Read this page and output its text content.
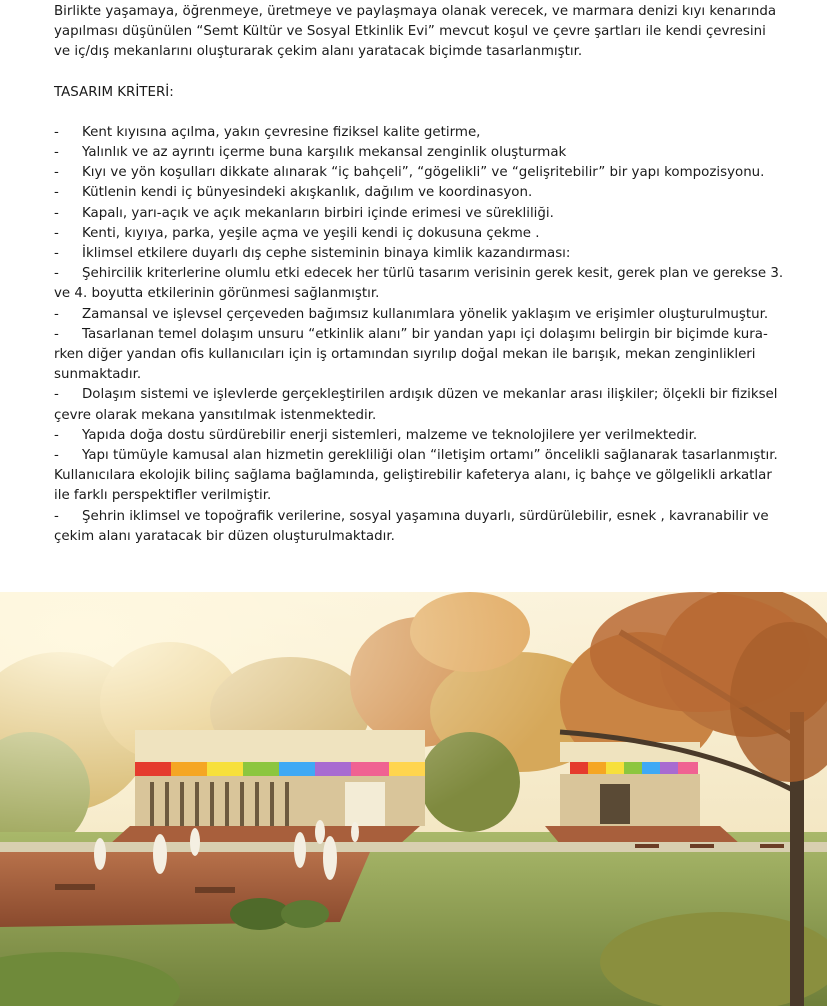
Birlikte yaşamaya, öğrenmeye, üretmeye ve paylaşmaya olanak verecek, ve marmara denizi kıyı kenarında yapılması düşünülen “Semt Kültür ve Sosyal Etkinlik Evi” mevcut koşul ve çevre şartları ile kendi çevresini ve iç/dış mekanlarını oluşturarak çekim alanı yaratacak biçimde tasarlanmıştır.

TASARIM KRİTERİ:

- Kent kıyısına açılma, yakın çevresine fiziksel kalite getirme,

- Yalınlık ve az ayrıntı içerme buna karşılık mekansal zenginlik oluşturmak

- Kıyı ve yön koşulları dikkate alınarak “iç bahçeli”, “gögelikli” ve “gelişritebilir” bir yapı kompozisyonu.

- Kütlenin kendi iç bünyesindeki akışkanlık, dağılım ve koordinasyon.

- Kapalı, yarı-açık ve açık mekanların birbiri içinde erimesi ve sürekliliği.

- Kenti, kıyıya, parka, yeşile açma ve yeşili kendi iç dokusuna çekme .

- İklimsel etkilere duyarlı dış cephe sisteminin binaya kimlik kazandırması:

- Şehircilik kriterlerine olumlu etki edecek her türlü tasarım verisinin gerek kesit, gerek plan ve gerekse 3. ve 4. boyutta etkilerinin görünmesi sağlanmıştır.

- Zamansal ve işlevsel çerçeveden bağımsız kullanımlara yönelik yaklaşım ve erişimler oluşturulmuştur.

- Tasarlanan temel dolaşım unsuru “etkinlik alanı” bir yandan yapı içi dolaşımı belirgin bir biçimde kura-rken diğer yandan ofis kullanıcıları için iş ortamından sıyrılıp doğal mekan ile barışık, mekan zenginlikleri sunmaktadır.

- Dolaşım sistemi ve işlevlerde gerçekleştirilen ardışık düzen ve mekanlar arası ilişkiler; ölçekli bir fiziksel çevre olarak mekana yansıtılmak istenmektedir.

- Yapıda doğa dostu sürdürebilir enerji sistemleri, malzeme ve teknolojilere yer verilmektedir.

- Yapı tümüyle kamusal alan hizmetin gerekliliği olan “iletişim ortamı” öncelikli sağlanarak tasarlanmıştır. Kullanıcılara ekolojik bilinç sağlama bağlamında, geliştirebilir kafeterya alanı, iç bahçe ve gölgelikli arkatlar ile farklı perspektifler verilmiştir.

- Şehrin iklimsel ve topoğrafik verilerine, sosyal yaşamına duyarlı, sürdürülebilir, esnek , kavranabilir ve çekim alanı yaratacak bir düzen oluşturulmaktadır.
